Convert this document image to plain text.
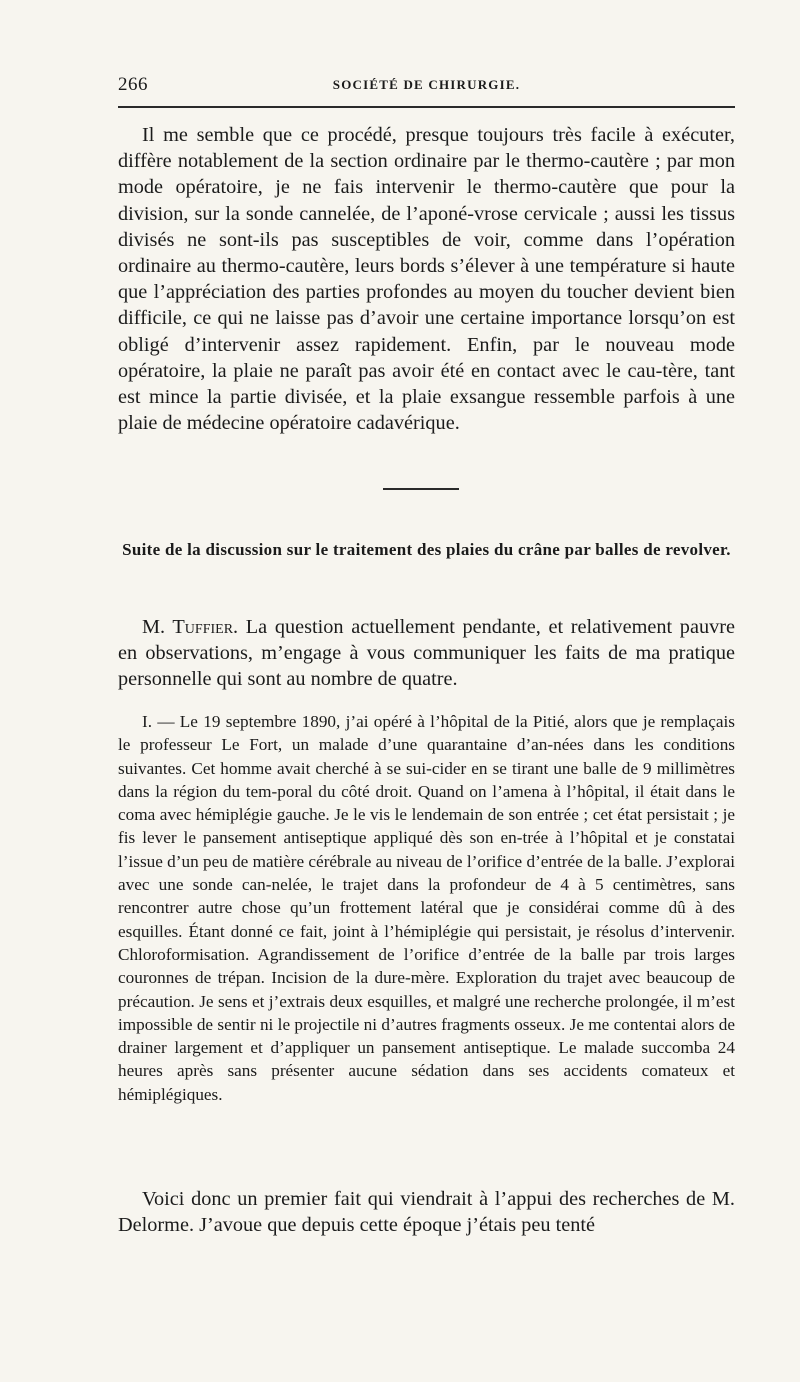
266	SOCIÉTÉ DE CHIRURGIE.

Il me semble que ce procédé, presque toujours très facile à exécuter, diffère notablement de la section ordinaire par le thermo-cautère ; par mon mode opératoire, je ne fais intervenir le thermo-cautère que pour la division, sur la sonde cannelée, de l’aponé-vrose cervicale ; aussi les tissus divisés ne sont-ils pas susceptibles de voir, comme dans l’opération ordinaire au thermo-cautère, leurs bords s’élever à une température si haute que l’appréciation des parties profondes au moyen du toucher devient bien difficile, ce qui ne laisse pas d’avoir une certaine importance lorsqu’on est obligé d’intervenir assez rapidement. Enfin, par le nouveau mode opératoire, la plaie ne paraît pas avoir été en contact avec le cau-tère, tant est mince la partie divisée, et la plaie exsangue ressemble parfois à une plaie de médecine opératoire cadavérique.

Suite de la discussion sur le traitement des plaies du crâne par balles de revolver.

M. Tuffier. La question actuellement pendante, et relativement pauvre en observations, m’engage à vous communiquer les faits de ma pratique personnelle qui sont au nombre de quatre.

I. — Le 19 septembre 1890, j’ai opéré à l’hôpital de la Pitié, alors que je remplaçais le professeur Le Fort, un malade d’une quarantaine d’an-nées dans les conditions suivantes. Cet homme avait cherché à se sui-cider en se tirant une balle de 9 millimètres dans la région du tem-poral du côté droit. Quand on l’amena à l’hôpital, il était dans le coma avec hémiplégie gauche. Je le vis le lendemain de son entrée ; cet état persistait ; je fis lever le pansement antiseptique appliqué dès son en-trée à l’hôpital et je constatai l’issue d’un peu de matière cérébrale au niveau de l’orifice d’entrée de la balle. J’explorai avec une sonde can-nelée, le trajet dans la profondeur de 4 à 5 centimètres, sans rencontrer autre chose qu’un frottement latéral que je considérai comme dû à des esquilles. Étant donné ce fait, joint à l’hémiplégie qui persistait, je résolus d’intervenir. Chloroformisation. Agrandissement de l’orifice d’entrée de la balle par trois larges couronnes de trépan. Incision de la dure-mère. Exploration du trajet avec beaucoup de précaution. Je sens et j’extrais deux esquilles, et malgré une recherche prolongée, il m’est impossible de sentir ni le projectile ni d’autres fragments osseux. Je me contentai alors de drainer largement et d’appliquer un pansement antiseptique. Le malade succomba 24 heures après sans présenter aucune sédation dans ses accidents comateux et hémiplégiques.

Voici donc un premier fait qui viendrait à l’appui des recherches de M. Delorme. J’avoue que depuis cette époque j’étais peu tenté
